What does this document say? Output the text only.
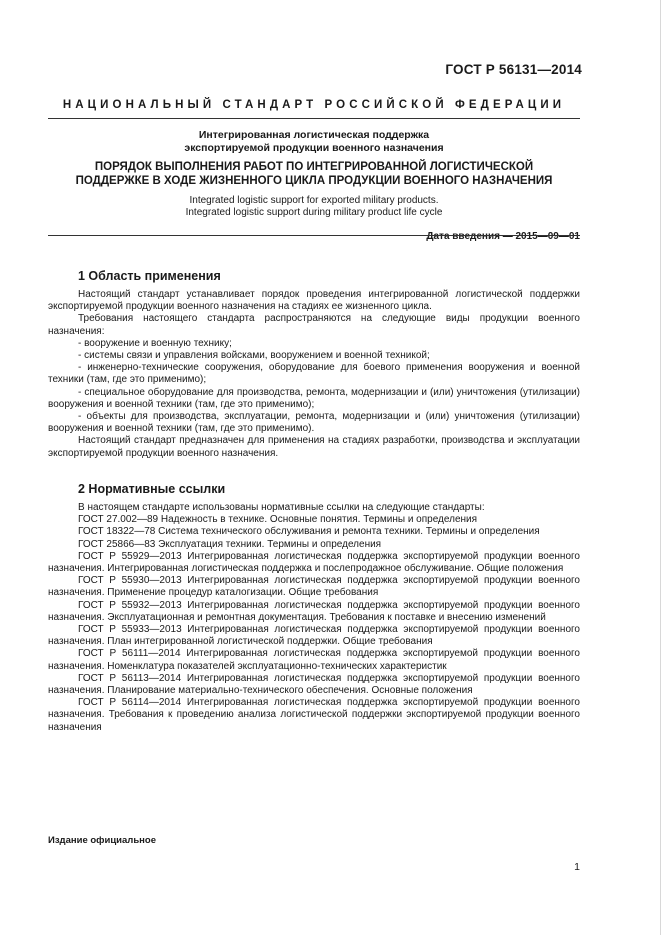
ГОСТ Р 56131—2014
НАЦИОНАЛЬНЫЙ СТАНДАРТ РОССИЙСКОЙ ФЕДЕРАЦИИ
Интегрированная логистическая поддержка
экспортируемой продукции военного назначения
ПОРЯДОК ВЫПОЛНЕНИЯ РАБОТ ПО ИНТЕГРИРОВАННОЙ ЛОГИСТИЧЕСКОЙ
ПОДДЕРЖКЕ В ХОДЕ ЖИЗНЕННОГО ЦИКЛА ПРОДУКЦИИ ВОЕННОГО НАЗНАЧЕНИЯ
Integrated logistic support for exported military products.
Integrated logistic support during military product life cycle
Дата введения — 2015—09—01
1 Область применения

Настоящий стандарт устанавливает порядок проведения интегрированной логистической поддержки экспортируемой продукции военного назначения на стадиях ее жизненного цикла.

Требования настоящего стандарта распространяются на следующие виды продукции военного назначения:

- вооружение и военную технику;

- системы связи и управления войсками, вооружением и военной техникой;

- инженерно-технические сооружения, оборудование для боевого применения вооружения и военной техники (там, где это применимо);

- специальное оборудование для производства, ремонта, модернизации и (или) уничтожения (утилизации) вооружения и военной техники (там, где это применимо);

- объекты для производства, эксплуатации, ремонта, модернизации и (или) уничтожения (утилизации) вооружения и военной техники (там, где это применимо).

Настоящий стандарт предназначен для применения на стадиях разработки, производства и эксплуатации экспортируемой продукции военного назначения.

2 Нормативные ссылки

В настоящем стандарте использованы нормативные ссылки на следующие стандарты:

ГОСТ 27.002—89 Надежность в технике. Основные понятия. Термины и определения

ГОСТ 18322—78 Система технического обслуживания и ремонта техники. Термины и определения

ГОСТ 25866—83 Эксплуатация техники. Термины и определения

ГОСТ Р 55929—2013 Интегрированная логистическая поддержка экспортируемой продукции военного назначения. Интегрированная логистическая поддержка и послепродажное обслуживание. Общие положения

ГОСТ Р 55930—2013 Интегрированная логистическая поддержка экспортируемой продукции военного назначения. Применение процедур каталогизации. Общие требования

ГОСТ Р 55932—2013 Интегрированная логистическая поддержка экспортируемой продукции военного назначения. Эксплуатационная и ремонтная документация. Требования к поставке и внесению изменений

ГОСТ Р 55933—2013 Интегрированная логистическая поддержка экспортируемой продукции военного назначения. План интегрированной логистической поддержки. Общие требования

ГОСТ Р 56111—2014 Интегрированная логистическая поддержка экспортируемой продукции военного назначения. Номенклатура показателей эксплуатационно-технических характеристик

ГОСТ Р 56113—2014 Интегрированная логистическая поддержка экспортируемой продукции военного назначения. Планирование материально-технического обеспечения. Основные положения

ГОСТ Р 56114—2014 Интегрированная логистическая поддержка экспортируемой продукции военного назначения. Требования к проведению анализа логистической поддержки экспортируемой продукции военного назначения

Издание официальное
1
